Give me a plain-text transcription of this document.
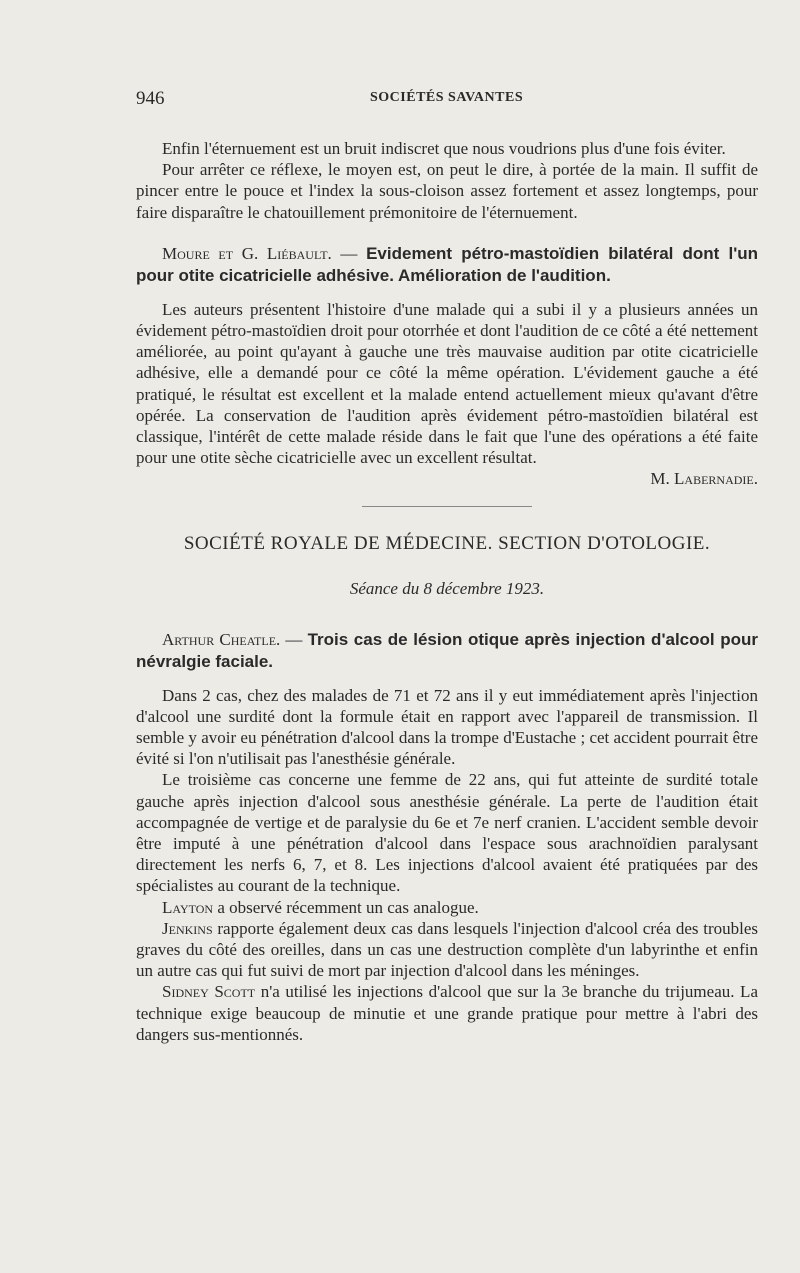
946	SOCIÉTÉS SAVANTES

Enfin l'éternuement est un bruit indiscret que nous voudrions plus d'une fois éviter.

Pour arrêter ce réflexe, le moyen est, on peut le dire, à portée de la main. Il suffit de pincer entre le pouce et l'index la sous-cloison assez fortement et assez longtemps, pour faire disparaître le chatouillement prémonitoire de l'éternuement.

Moure et G. Liébault. — Evidement pétro-mastoïdien bilatéral dont l'un pour otite cicatricielle adhésive. Amélioration de l'audition.

Les auteurs présentent l'histoire d'une malade qui a subi il y a plusieurs années un évidement pétro-mastoïdien droit pour otorrhée et dont l'audition de ce côté a été nettement améliorée, au point qu'ayant à gauche une très mauvaise audition par otite cicatricielle adhésive, elle a demandé pour ce côté la même opération. L'évidement gauche a été pratiqué, le résultat est excellent et la malade entend actuellement mieux qu'avant d'être opérée. La conservation de l'audition après évidement pétro-mastoïdien bilatéral est classique, l'intérêt de cette malade réside dans le fait que l'une des opérations a été faite pour une otite sèche cicatricielle avec un excellent résultat.

M. Labernadie.

SOCIÉTÉ ROYALE DE MÉDECINE. SECTION D'OTOLOGIE.
Séance du 8 décembre 1923.
Arthur Cheatle. — Trois cas de lésion otique après injection d'alcool pour névralgie faciale.

Dans 2 cas, chez des malades de 71 et 72 ans il y eut immédiatement après l'injection d'alcool une surdité dont la formule était en rapport avec l'appareil de transmission. Il semble y avoir eu pénétration d'alcool dans la trompe d'Eustache ; cet accident pourrait être évité si l'on n'utilisait pas l'anesthésie générale.

Le troisième cas concerne une femme de 22 ans, qui fut atteinte de surdité totale gauche après injection d'alcool sous anesthésie générale. La perte de l'audition était accompagnée de vertige et de paralysie du 6e et 7e nerf cranien. L'accident semble devoir être imputé à une pénétration d'alcool dans l'espace sous arachnoïdien paralysant directement les nerfs 6, 7, et 8. Les injections d'alcool avaient été pratiquées par des spécialistes au courant de la technique.

Layton a observé récemment un cas analogue.

Jenkins rapporte également deux cas dans lesquels l'injection d'alcool créa des troubles graves du côté des oreilles, dans un cas une destruction complète d'un labyrinthe et enfin un autre cas qui fut suivi de mort par injection d'alcool dans les méninges.

Sidney Scott n'a utilisé les injections d'alcool que sur la 3e branche du trijumeau. La technique exige beaucoup de minutie et une grande pratique pour mettre à l'abri des dangers sus-mentionnés.
